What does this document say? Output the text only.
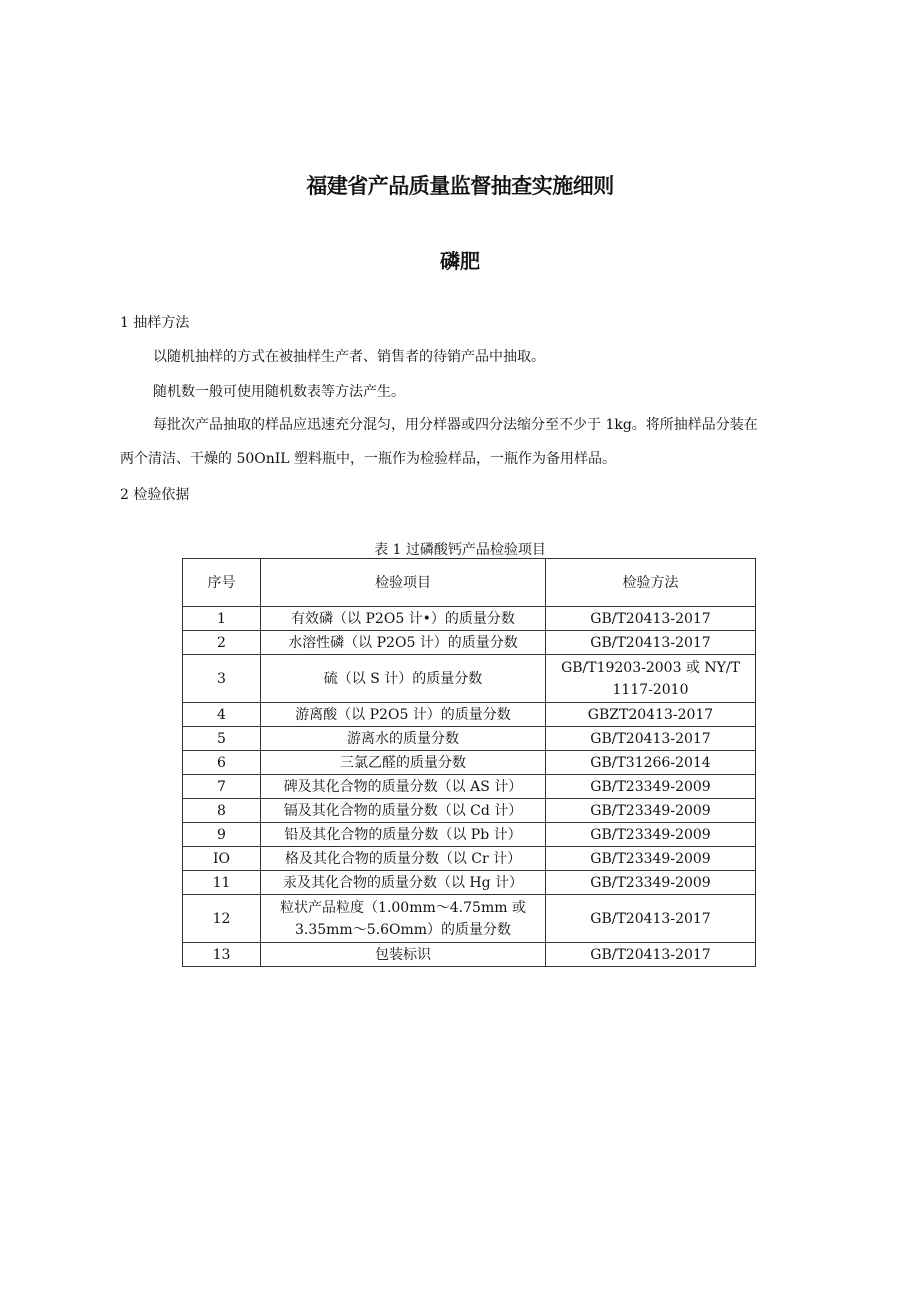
福建省产品质量监督抽查实施细则
磷肥

1 抽样方法

以随机抽样的方式在被抽样生产者、销售者的待销产品中抽取。

随机数一般可使用随机数表等方法产生。

每批次产品抽取的样品应迅速充分混匀，用分样器或四分法缩分至不少于 1kg。将所抽样品分装在

两个清洁、干燥的 50OnIL 塑料瓶中，一瓶作为检验样品，一瓶作为备用样品。

2 检验依据

表 1 过磷酸钙产品检验项目

序号	检验项目	检验方法
1	有效磷（以 P2O5 计•）的质量分数	GB/T20413-2017
2	水溶性磷（以 P2O5 计）的质量分数	GB/T20413-2017
3	硫（以 S 计）的质量分数	GB/T19203-2003 或 NY/T 1117-2010
4	游离酸（以 P2O5 计）的质量分数	GBZT20413-2017
5	游离水的质量分数	GB/T20413-2017
6	三氯乙醛的质量分数	GB/T31266-2014
7	碑及其化合物的质量分数（以 AS 计）	GB/T23349-2009
8	镉及其化合物的质量分数（以 Cd 计）	GB/T23349-2009
9	铅及其化合物的质量分数（以 Pb 计）	GB/T23349-2009
IO	格及其化合物的质量分数（以 Cr 计）	GB/T23349-2009
11	汞及其化合物的质量分数（以 Hg 计）	GB/T23349-2009
12	粒状产品粒度（1.00mm～4.75mm 或 3.35mm～5.6Omm）的质量分数	GB/T20413-2017
13	包装标识	GB/T20413-2017
